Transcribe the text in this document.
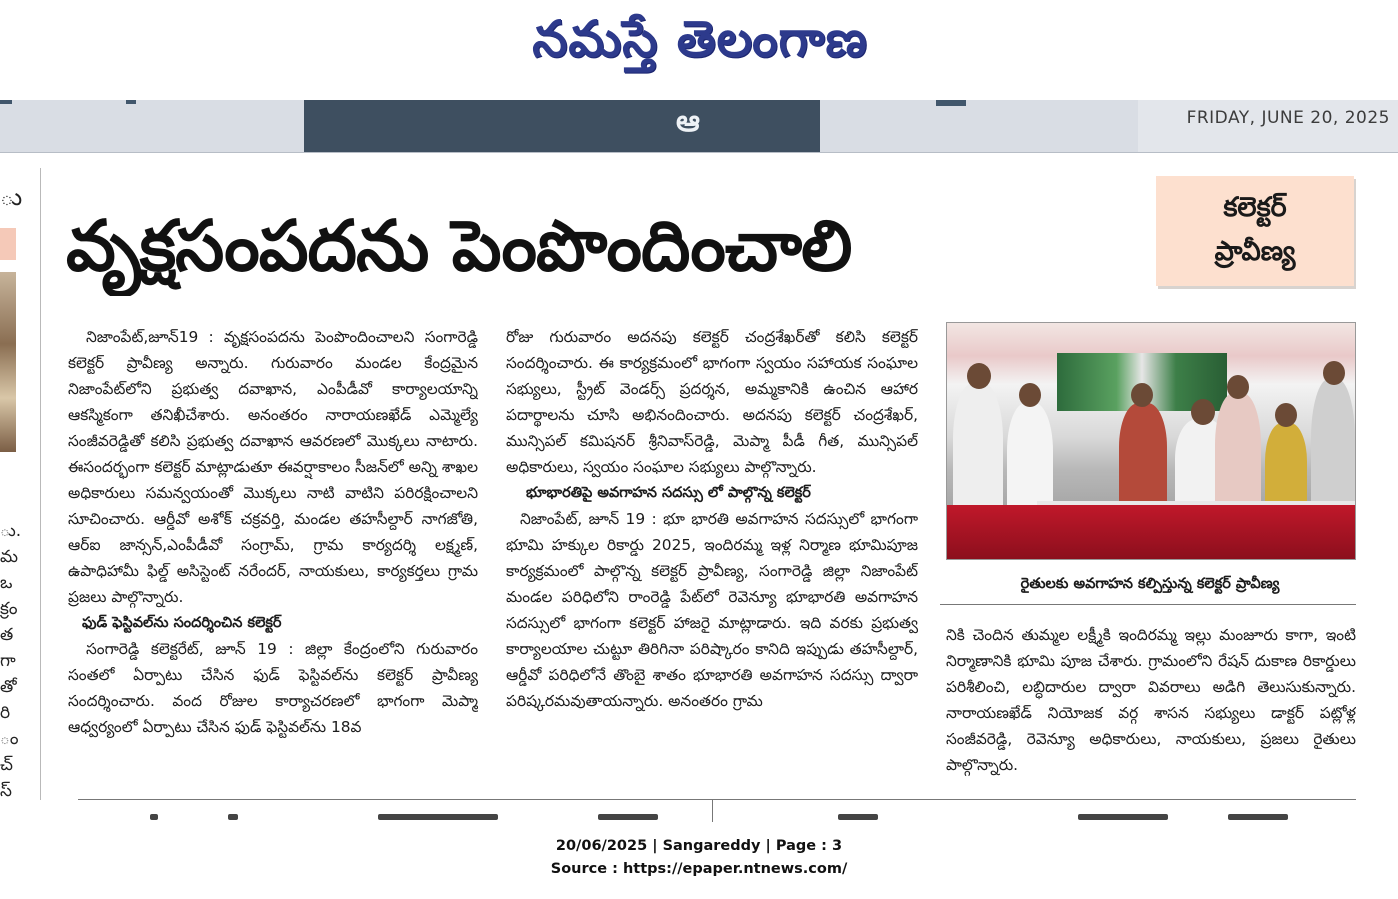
నమస్తే తెలంగాణ
ఆ	FRIDAY, JUNE 20, 2025
ు
ు.
మ
ఒ
క్రం
త
గా
తో
రి
ం
చ్
స్
వృక్షసంపదను పెంపొందించాలి	కలెక్టర్
ప్రావీణ్య

నిజాంపేట్,జూన్19 : వృక్షసంపదను పెంపొందించాలని సంగారెడ్డి కలెక్టర్ ప్రావీణ్య అన్నారు. గురువారం మండల కేంద్రమైన నిజాంపేట్‌లోని ప్రభుత్వ దవాఖాన, ఎంపీడీవో కార్యాలయాన్ని ఆకస్మికంగా తనిఖీచేశారు. అనంతరం నారాయణఖేడ్ ఎమ్మెల్యే సంజీవరెడ్డితో కలిసి ప్రభుత్వ దవాఖాన ఆవరణలో మొక్కలు నాటారు. ఈసందర్భంగా కలెక్టర్ మాట్లాడుతూ ఈవర్షాకాలం సీజన్‌లో అన్ని శాఖల అధికారులు సమన్వయంతో మొక్కలు నాటి వాటిని పరిరక్షించాలని సూచించారు. ఆర్డీవో అశోక్ చక్రవర్తి, మండల తహసీల్దార్ నాగజోతి, ఆర్ఐ జాన్సన్,ఎంపీడీవో సంగ్రామ్, గ్రామ కార్యదర్శి లక్ష్మణ్, ఉపాధిహామీ ఫిల్డ్ అసిస్టెంట్ నరేందర్, నాయకులు, కార్యకర్తలు గ్రామ ప్రజలు పాల్గొన్నారు.

ఫుడ్ ఫెస్టివల్‌ను సందర్శించిన కలెక్టర్

సంగారెడ్డి కలెక్టరేట్, జూన్ 19 : జిల్లా కేంద్రంలోని గురువారం సంతలో ఏర్పాటు చేసిన ఫుడ్ ఫెస్టివల్‌ను కలెక్టర్ ప్రావీణ్య సందర్శించారు. వంద రోజుల కార్యాచరణలో భాగంగా మెప్మా ఆధ్వర్యంలో ఏర్పాటు చేసిన ఫుడ్ ఫెస్టివల్‌ను 18వ

రోజు గురువారం అదనపు కలెక్టర్ చంద్రశేఖర్‌తో కలిసి కలెక్టర్ సందర్శించారు. ఈ కార్యక్రమంలో భాగంగా స్వయం సహాయక సంఘాల సభ్యులు, స్ట్రీట్ వెండర్స్ ప్రదర్శన, అమ్మకానికి ఉంచిన ఆహార పదార్థాలను చూసి అభినందించారు. అదనపు కలెక్టర్ చంద్రశేఖర్, మున్సిపల్ కమిషనర్ శ్రీనివాస్‌రెడ్డి, మెప్మా పీడీ గీత, మున్సిపల్ అధికారులు, స్వయం సంఘాల సభ్యులు పాల్గొన్నారు.

భూభారతిపై అవగాహన సదస్సు లో పాల్గొన్న కలెక్టర్

నిజాంపేట్, జూన్ 19 : భూ భారతి అవగాహన సదస్సులో భాగంగా భూమి హక్కుల రికార్డు 2025, ఇందిరమ్మ ఇళ్ల నిర్మాణ భూమిపూజ కార్యక్రమంలో పాల్గొన్న కలెక్టర్ ప్రావీణ్య, సంగారెడ్డి జిల్లా నిజాంపేట్ మండల పరిధిలోని రాంరెడ్డి పేట్‌లో రెవెన్యూ భూభారతి అవగాహన సదస్సులో భాగంగా కలెక్టర్ హాజరై మాట్లాడారు. ఇది వరకు ప్రభుత్వ కార్యాలయాల చుట్టూ తిరిగినా పరిష్కారం కానిది ఇప్పుడు తహసీల్దార్, ఆర్డీవో పరిధిలోనే తొంబై శాతం భూభారతి అవగాహన సదస్సు ద్వారా పరిష్కరమవుతాయన్నారు. అనంతరం గ్రామ

రైతులకు అవగాహన కల్పిస్తున్న కలెక్టర్ ప్రావీణ్య

నికి చెందిన తుమ్మల లక్ష్మీకి ఇందిరమ్మ ఇల్లు మంజూరు కాగా, ఇంటి నిర్మాణానికి భూమి పూజ చేశారు. గ్రామంలోని రేషన్ దుకాణ రికార్డులు పరిశీలించి, లబ్ధిదారుల ద్వారా వివరాలు అడిగి తెలుసుకున్నారు. నారాయణఖేడ్ నియోజక వర్గ శాసన సభ్యులు డాక్టర్ పట్లోళ్ల సంజీవరెడ్డి, రెవెన్యూ అధికారులు, నాయకులు, ప్రజలు రైతులు పాల్గొన్నారు.

20/06/2025 | Sangareddy | Page : 3
Source : https://epaper.ntnews.com/
